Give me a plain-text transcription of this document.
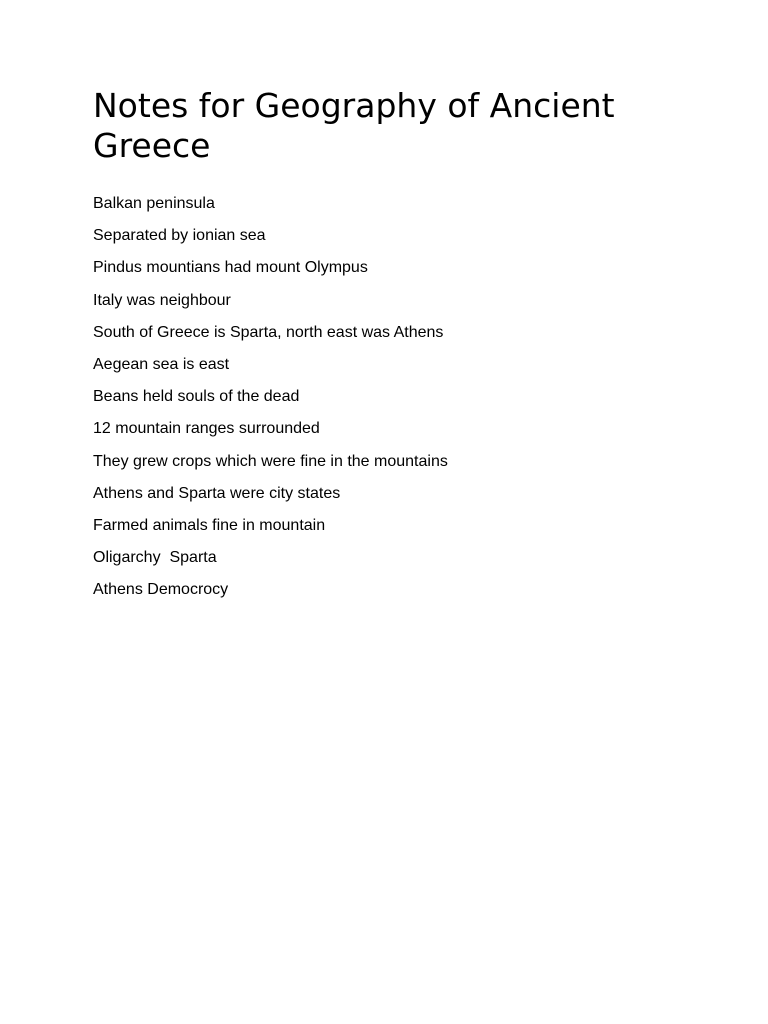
Notes for Geography of Ancient Greece
Balkan peninsula
Separated by ionian sea
Pindus mountians had mount Olympus
Italy was neighbour
South of Greece is Sparta, north east was Athens
Aegean sea is east
Beans held souls of the dead
12 mountain ranges surrounded
They grew crops which were fine in the mountains
Athens and Sparta were city states
Farmed animals fine in mountain
Oligarchy  Sparta
Athens Democrocy
